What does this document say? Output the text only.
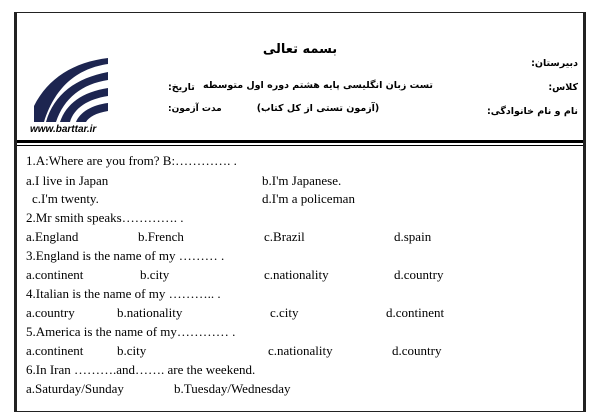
بسمه تعالی
دبیرستان:
کلاس:
نام و نام خانوادگی:
تست زبان انگلیسی پایه هشتم دوره اول متوسطه
(آزمون تستی از کل کتاب)
تاریخ:
مدت آزمون:
www.barttar.ir
1.A:Where are you from? B:…………. .
a.I live in Japan	b.I'm Japanese.
c.I'm twenty.	d.I'm a policeman
2.Mr smith speaks…………. .
a.England	b.French	c.Brazil	d.spain
3.England is the name of my ……… .
a.continent	b.city	c.nationality	d.country
4.Italian is the name of my ……….. .
a.country	b.nationality	c.city	d.continent
5.America is the name of my………… .
a.continent	b.city	c.nationality	d.country
6.In Iran ……….and……. are the weekend.
a.Saturday/Sunday	b.Tuesday/Wednesday
